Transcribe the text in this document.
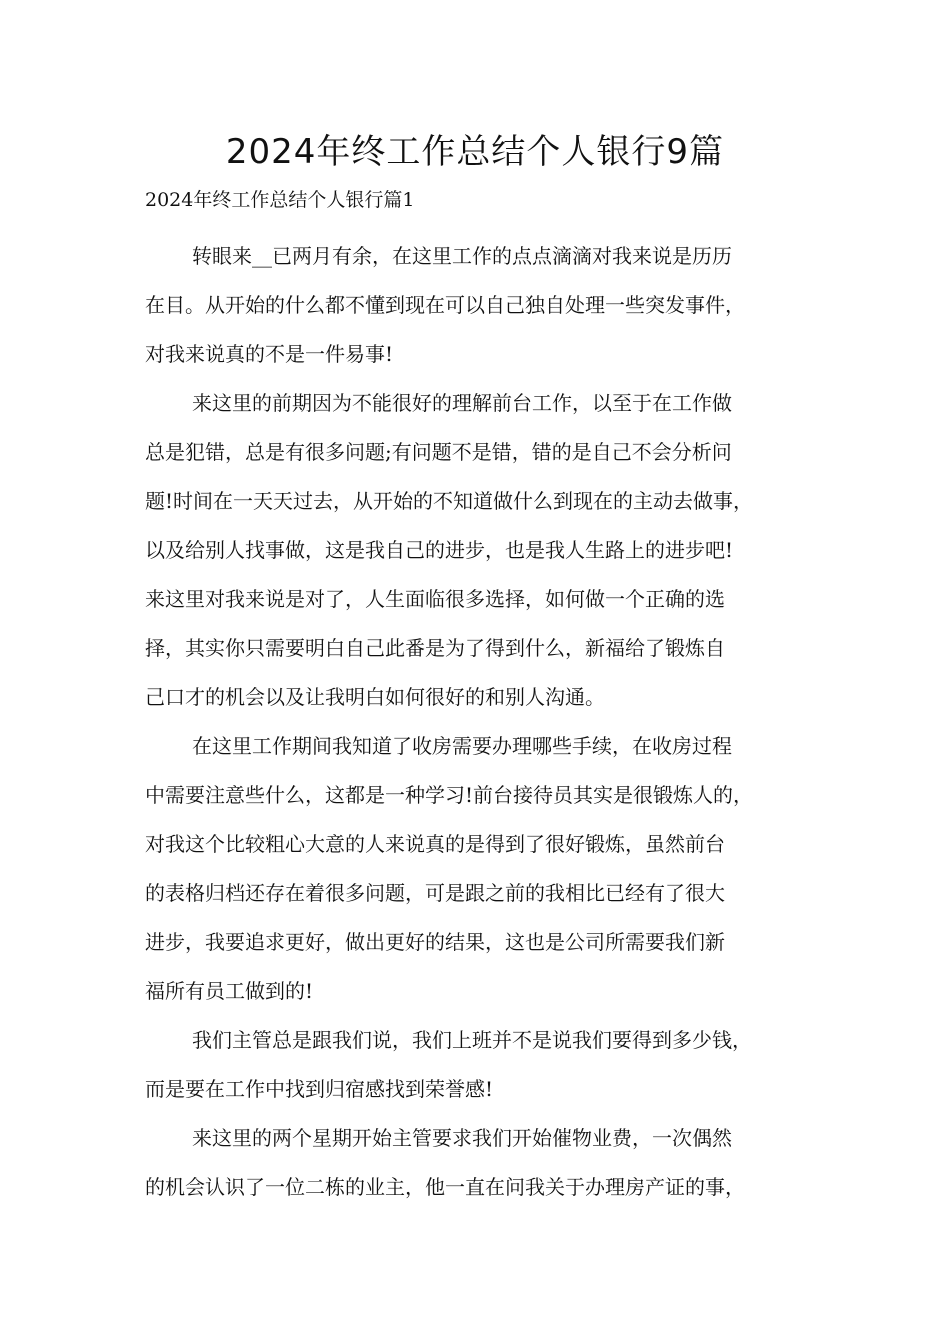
2024年终工作总结个人银行9篇

2024年终工作总结个人银行篇1

转眼来__已两月有余，在这里工作的点点滴滴对我来说是历历
在目。从开始的什么都不懂到现在可以自己独自处理一些突发事件，
对我来说真的不是一件易事!

来这里的前期因为不能很好的理解前台工作，以至于在工作做
总是犯错，总是有很多问题;有问题不是错，错的是自己不会分析问
题!时间在一天天过去，从开始的不知道做什么到现在的主动去做事，
以及给别人找事做，这是我自己的进步，也是我人生路上的进步吧!
来这里对我来说是对了，人生面临很多选择，如何做一个正确的选
择，其实你只需要明白自己此番是为了得到什么，新福给了锻炼自
己口才的机会以及让我明白如何很好的和别人沟通。

在这里工作期间我知道了收房需要办理哪些手续，在收房过程
中需要注意些什么，这都是一种学习!前台接待员其实是很锻炼人的，
对我这个比较粗心大意的人来说真的是得到了很好锻炼，虽然前台
的表格归档还存在着很多问题，可是跟之前的我相比已经有了很大
进步，我要追求更好，做出更好的结果，这也是公司所需要我们新
福所有员工做到的!

我们主管总是跟我们说，我们上班并不是说我们要得到多少钱，
而是要在工作中找到归宿感找到荣誉感!

来这里的两个星期开始主管要求我们开始催物业费，一次偶然
的机会认识了一位二栋的业主，他一直在问我关于办理房产证的事，
